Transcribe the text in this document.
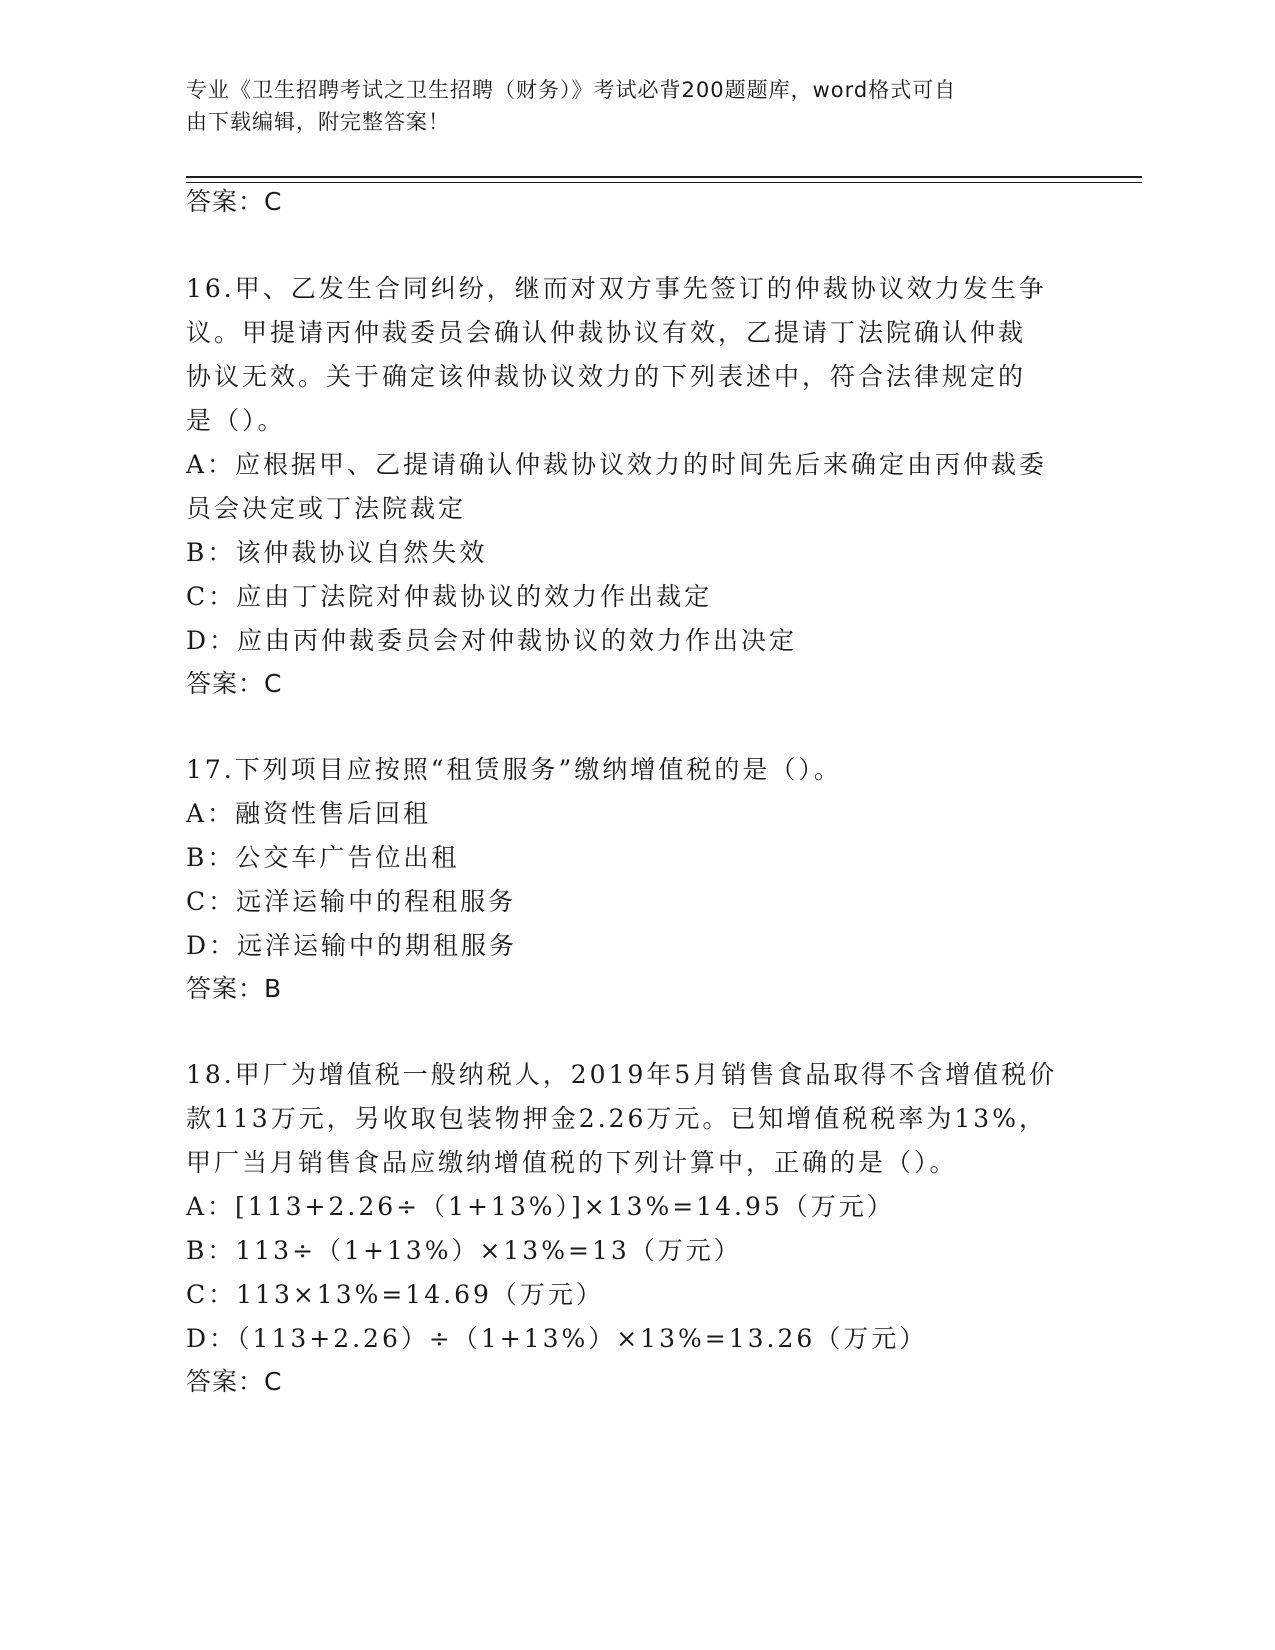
专业《卫生招聘考试之卫生招聘（财务）》考试必背200题题库，word格式可自
由下载编辑，附完整答案！
答案：C
16.甲、乙发生合同纠纷，继而对双方事先签订的仲裁协议效力发生争
议。甲提请丙仲裁委员会确认仲裁协议有效，乙提请丁法院确认仲裁
协议无效。关于确定该仲裁协议效力的下列表述中，符合法律规定的
是（）。
A：应根据甲、乙提请确认仲裁协议效力的时间先后来确定由丙仲裁委
员会决定或丁法院裁定
B：该仲裁协议自然失效
C：应由丁法院对仲裁协议的效力作出裁定
D：应由丙仲裁委员会对仲裁协议的效力作出决定
答案：C
17.下列项目应按照“租赁服务”缴纳增值税的是（）。
A：融资性售后回租
B：公交车广告位出租
C：远洋运输中的程租服务
D：远洋运输中的期租服务
答案：B
18.甲厂为增值税一般纳税人，2019年5月销售食品取得不含增值税价
款113万元，另收取包装物押金2.26万元。已知增值税税率为13%，
甲厂当月销售食品应缴纳增值税的下列计算中，正确的是（）。
A：[113+2.26÷（1+13%）]×13%=14.95（万元）
B：113÷（1+13%）×13%=13（万元）
C：113×13%=14.69（万元）
D：（113+2.26）÷（1+13%）×13%=13.26（万元）
答案：C
